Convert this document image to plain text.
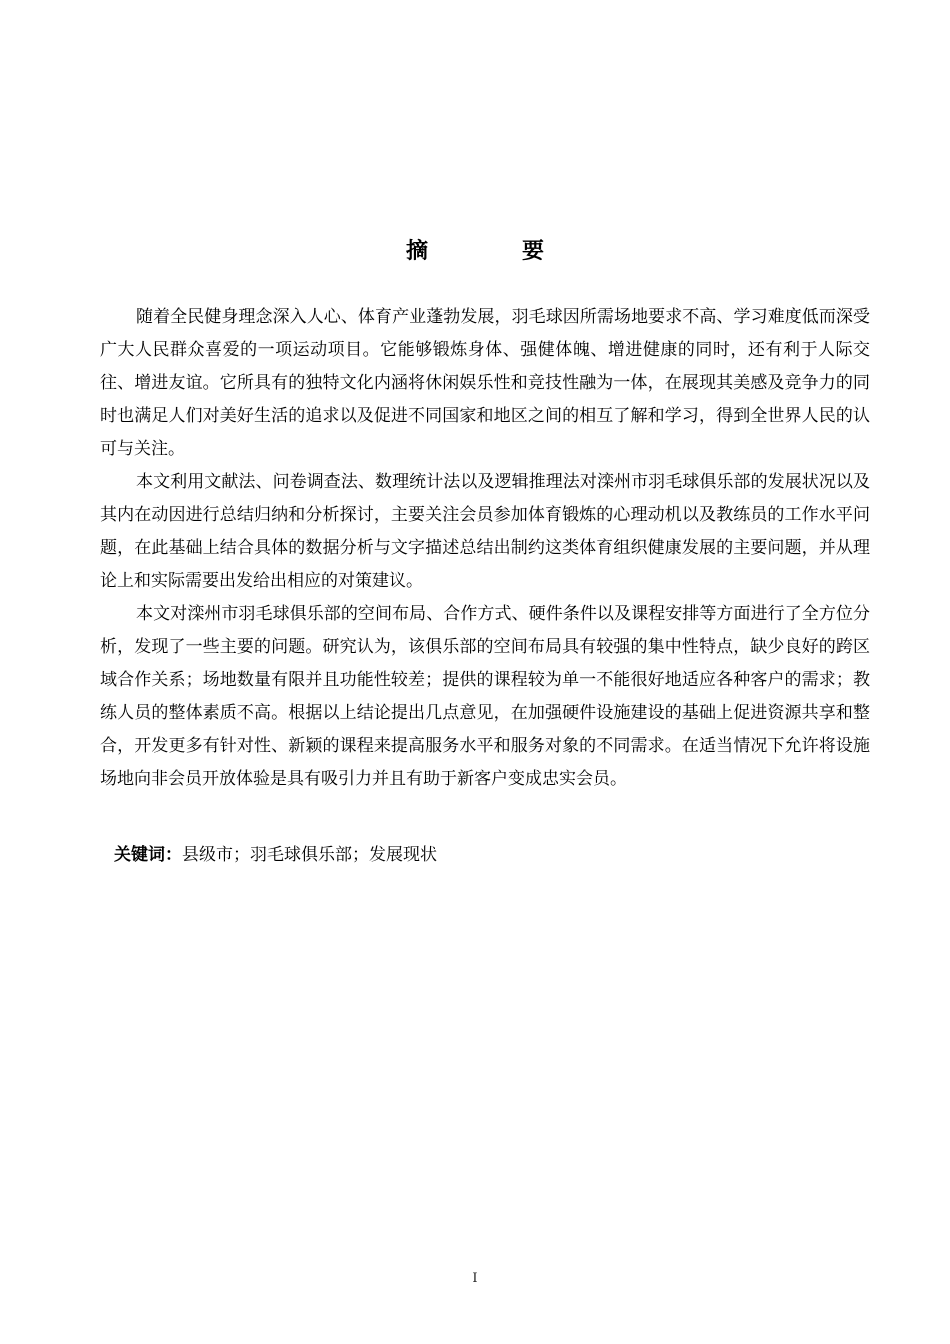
摘　要

随着全民健身理念深入人心、体育产业蓬勃发展，羽毛球因所需场地要求不高、学习难度低而深受广大人民群众喜爱的一项运动项目。它能够锻炼身体、强健体魄、增进健康的同时，还有利于人际交往、增进友谊。它所具有的独特文化内涵将休闲娱乐性和竞技性融为一体，在展现其美感及竞争力的同时也满足人们对美好生活的追求以及促进不同国家和地区之间的相互了解和学习，得到全世界人民的认可与关注。

本文利用文献法、问卷调查法、数理统计法以及逻辑推理法对滦州市羽毛球俱乐部的发展状况以及其内在动因进行总结归纳和分析探讨，主要关注会员参加体育锻炼的心理动机以及教练员的工作水平问题，在此基础上结合具体的数据分析与文字描述总结出制约这类体育组织健康发展的主要问题，并从理论上和实际需要出发给出相应的对策建议。

本文对滦州市羽毛球俱乐部的空间布局、合作方式、硬件条件以及课程安排等方面进行了全方位分析，发现了一些主要的问题。研究认为，该俱乐部的空间布局具有较强的集中性特点，缺少良好的跨区域合作关系；场地数量有限并且功能性较差；提供的课程较为单一不能很好地适应各种客户的需求；教练人员的整体素质不高。根据以上结论提出几点意见，在加强硬件设施建设的基础上促进资源共享和整合，开发更多有针对性、新颖的课程来提高服务水平和服务对象的不同需求。在适当情况下允许将设施场地向非会员开放体验是具有吸引力并且有助于新客户变成忠实会员。

关键词：县级市；羽毛球俱乐部；发展现状
I
